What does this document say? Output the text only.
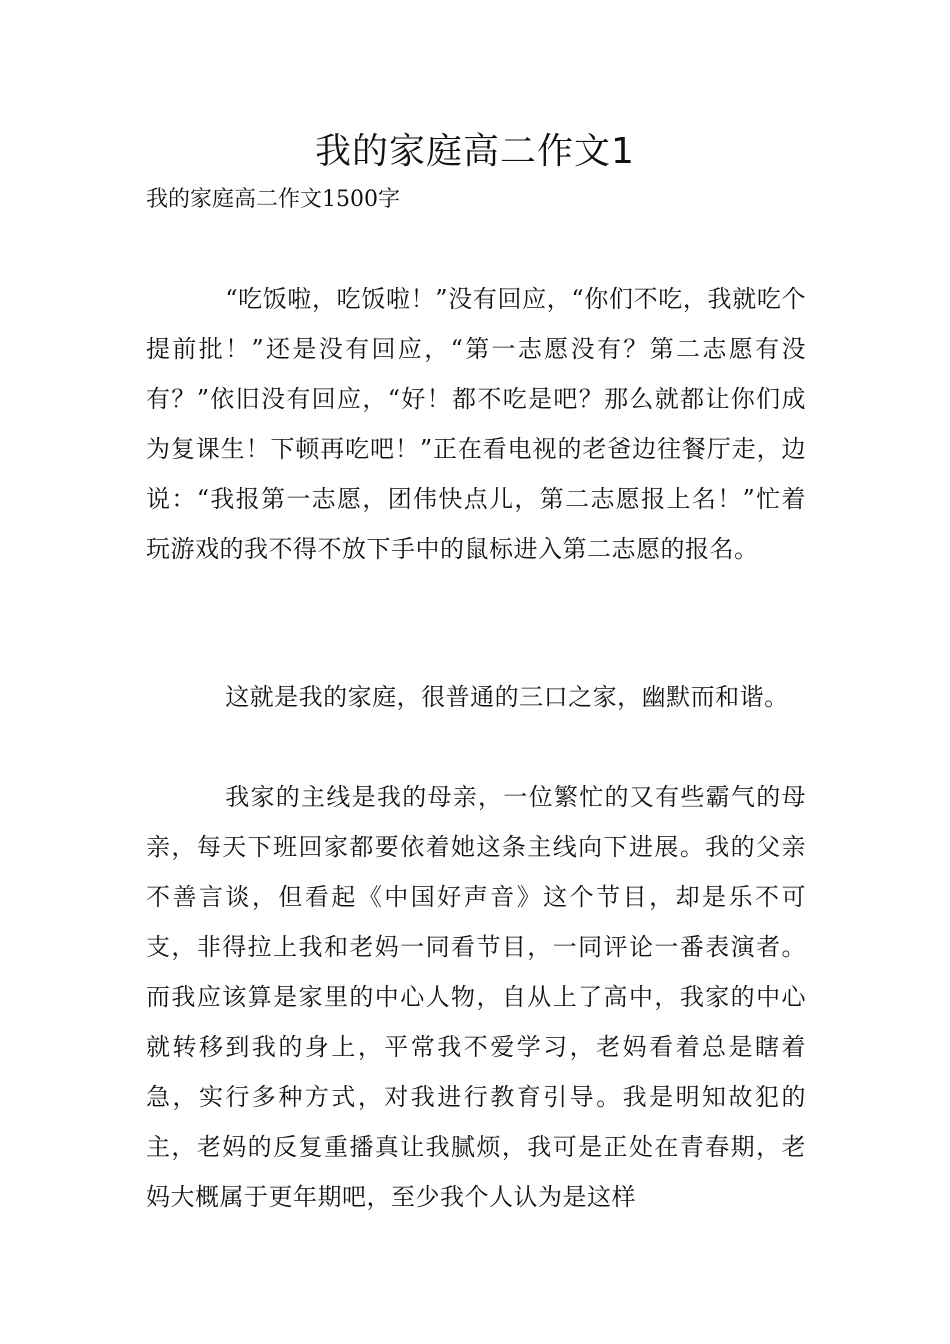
我的家庭高二作文1

我的家庭高二作文1500字

“吃饭啦，吃饭啦！”没有回应，“你们不吃，我就吃个提前批！”还是没有回应，“第一志愿没有？第二志愿有没有？”依旧没有回应，“好！都不吃是吧？那么就都让你们成为复课生！下顿再吃吧！”正在看电视的老爸边往餐厅走，边说：“我报第一志愿，团伟快点儿，第二志愿报上名！”忙着玩游戏的我不得不放下手中的鼠标进入第二志愿的报名。

这就是我的家庭，很普通的三口之家，幽默而和谐。

我家的主线是我的母亲，一位繁忙的又有些霸气的母亲，每天下班回家都要依着她这条主线向下进展。我的父亲不善言谈，但看起《中国好声音》这个节目，却是乐不可支，非得拉上我和老妈一同看节目，一同评论一番表演者。而我应该算是家里的中心人物，自从上了高中，我家的中心就转移到我的身上，平常我不爱学习，老妈看着总是瞎着急，实行多种方式，对我进行教育引导。我是明知故犯的主，老妈的反复重播真让我腻烦，我可是正处在青春期，老妈大概属于更年期吧，至少我个人认为是这样
